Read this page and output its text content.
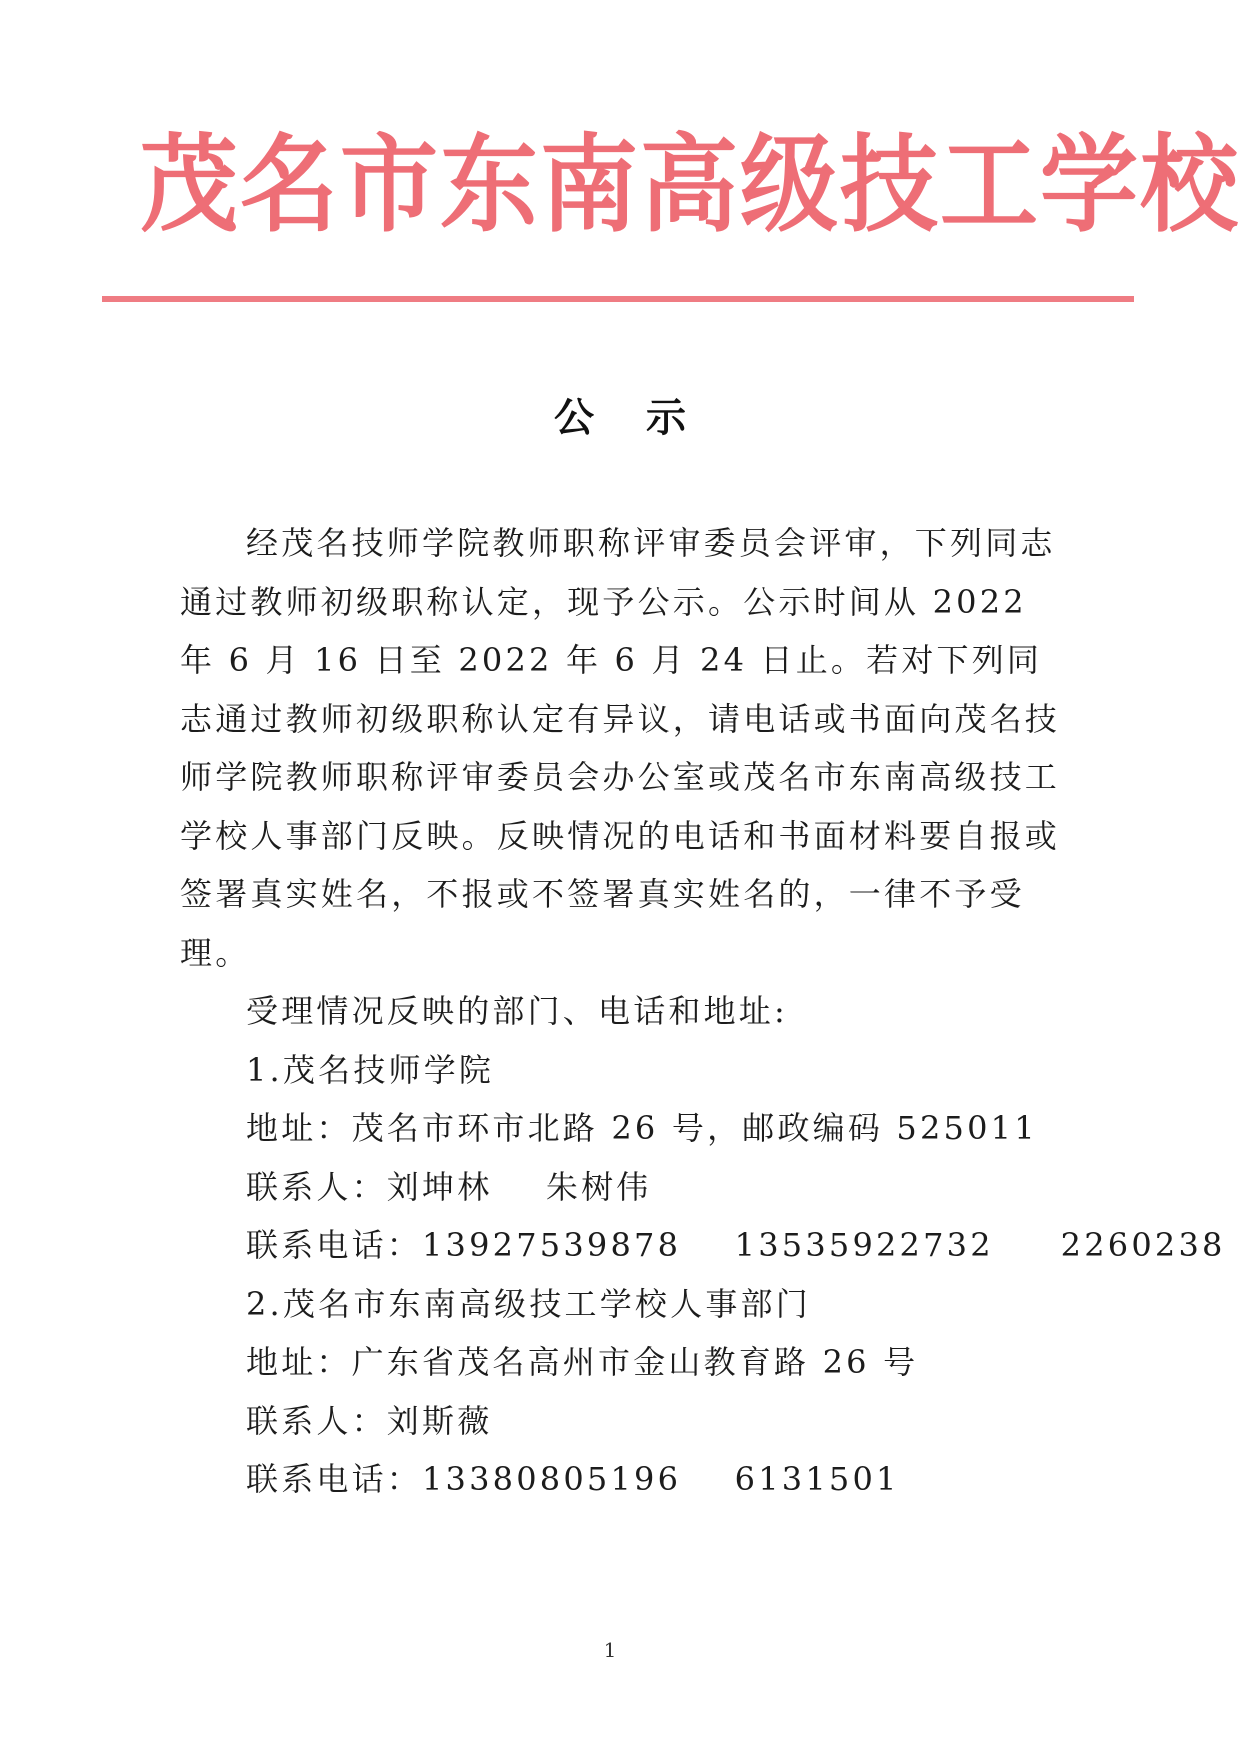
茂名市东南高级技工学校
公示

经茂名技师学院教师职称评审委员会评审，下列同志通过教师初级职称认定，现予公示。公示时间从 2022 年 6 月 16 日至 2022 年 6 月 24 日止。若对下列同志通过教师初级职称认定有异议，请电话或书面向茂名技师学院教师职称评审委员会办公室或茂名市东南高级技工学校人事部门反映。反映情况的电话和书面材料要自报或签署真实姓名，不报或不签署真实姓名的，一律不予受理。

受理情况反映的部门、电话和地址:

1.茂名技师学院

地址：茂名市环市北路 26 号，邮政编码 525011

联系人：刘坤林    朱树伟

联系电话：13927539878    13535922732     2260238

2.茂名市东南高级技工学校人事部门

地址：广东省茂名高州市金山教育路 26 号

联系人：刘斯薇

联系电话：13380805196    6131501

1
